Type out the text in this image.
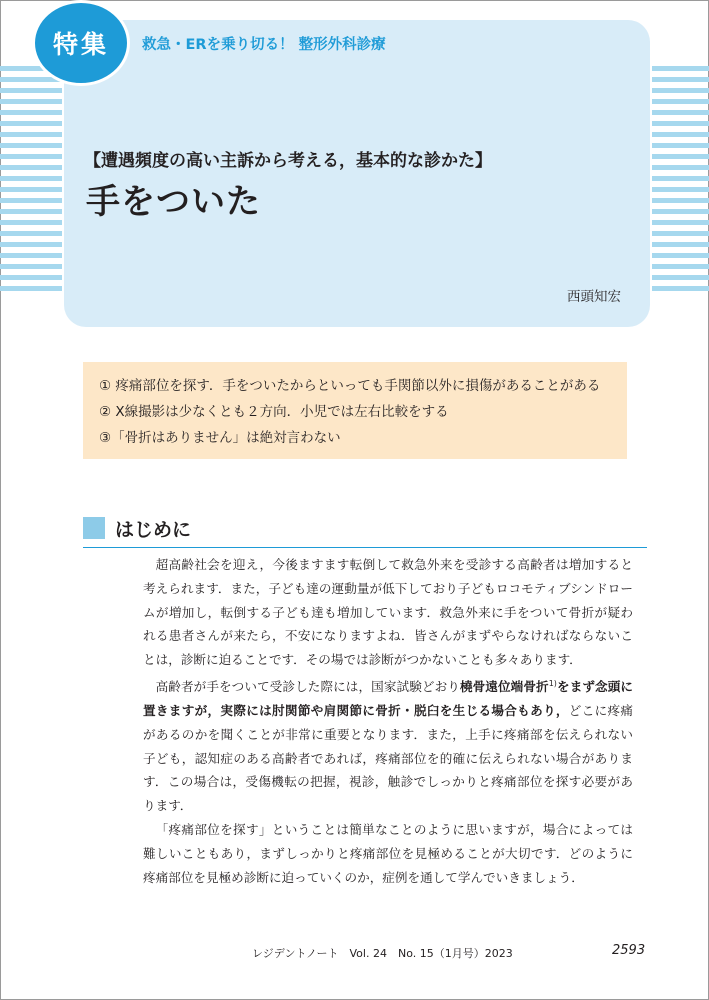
特集	救急・ERを乗り切る！ 整形外科診療
【遭遇頻度の高い主訴から考える，基本的な診かた】
手をついた
西頭知宏
① 疼痛部位を探す．手をついたからといっても手関節以外に損傷があることがある
② X線撮影は少なくとも２方向．小児では左右比較をする
③「骨折はありません」は絶対言わない
はじめに

超高齢社会を迎え，今後ますます転倒して救急外来を受診する高齢者は増加すると考えられます．また，子ども達の運動量が低下しており子どもロコモティブシンドロームが増加し，転倒する子ども達も増加しています．救急外来に手をついて骨折が疑われる患者さんが来たら，不安になりますよね．皆さんがまずやらなければならないことは，診断に迫ることです．その場では診断がつかないことも多々あります．

高齢者が手をついて受診した際には，国家試験どおり橈骨遠位端骨折$^{1)}$をまず念頭に置きますが，実際には肘関節や肩関節に骨折・脱臼を生じる場合もあり，どこに疼痛があるのかを聞くことが非常に重要となります．また，上手に疼痛部を伝えられない子ども，認知症のある高齢者であれば，疼痛部位を的確に伝えられない場合があります．この場合は，受傷機転の把握，視診，触診でしっかりと疼痛部位を探す必要があります．

「疼痛部位を探す」ということは簡単なことのように思いますが，場合によっては難しいこともあり，まずしっかりと疼痛部位を見極めることが大切です．どのように疼痛部位を見極め診断に迫っていくのか，症例を通して学んでいきましょう．

レジデントノート　Vol. 24　No. 15（1月号）2023	2593
